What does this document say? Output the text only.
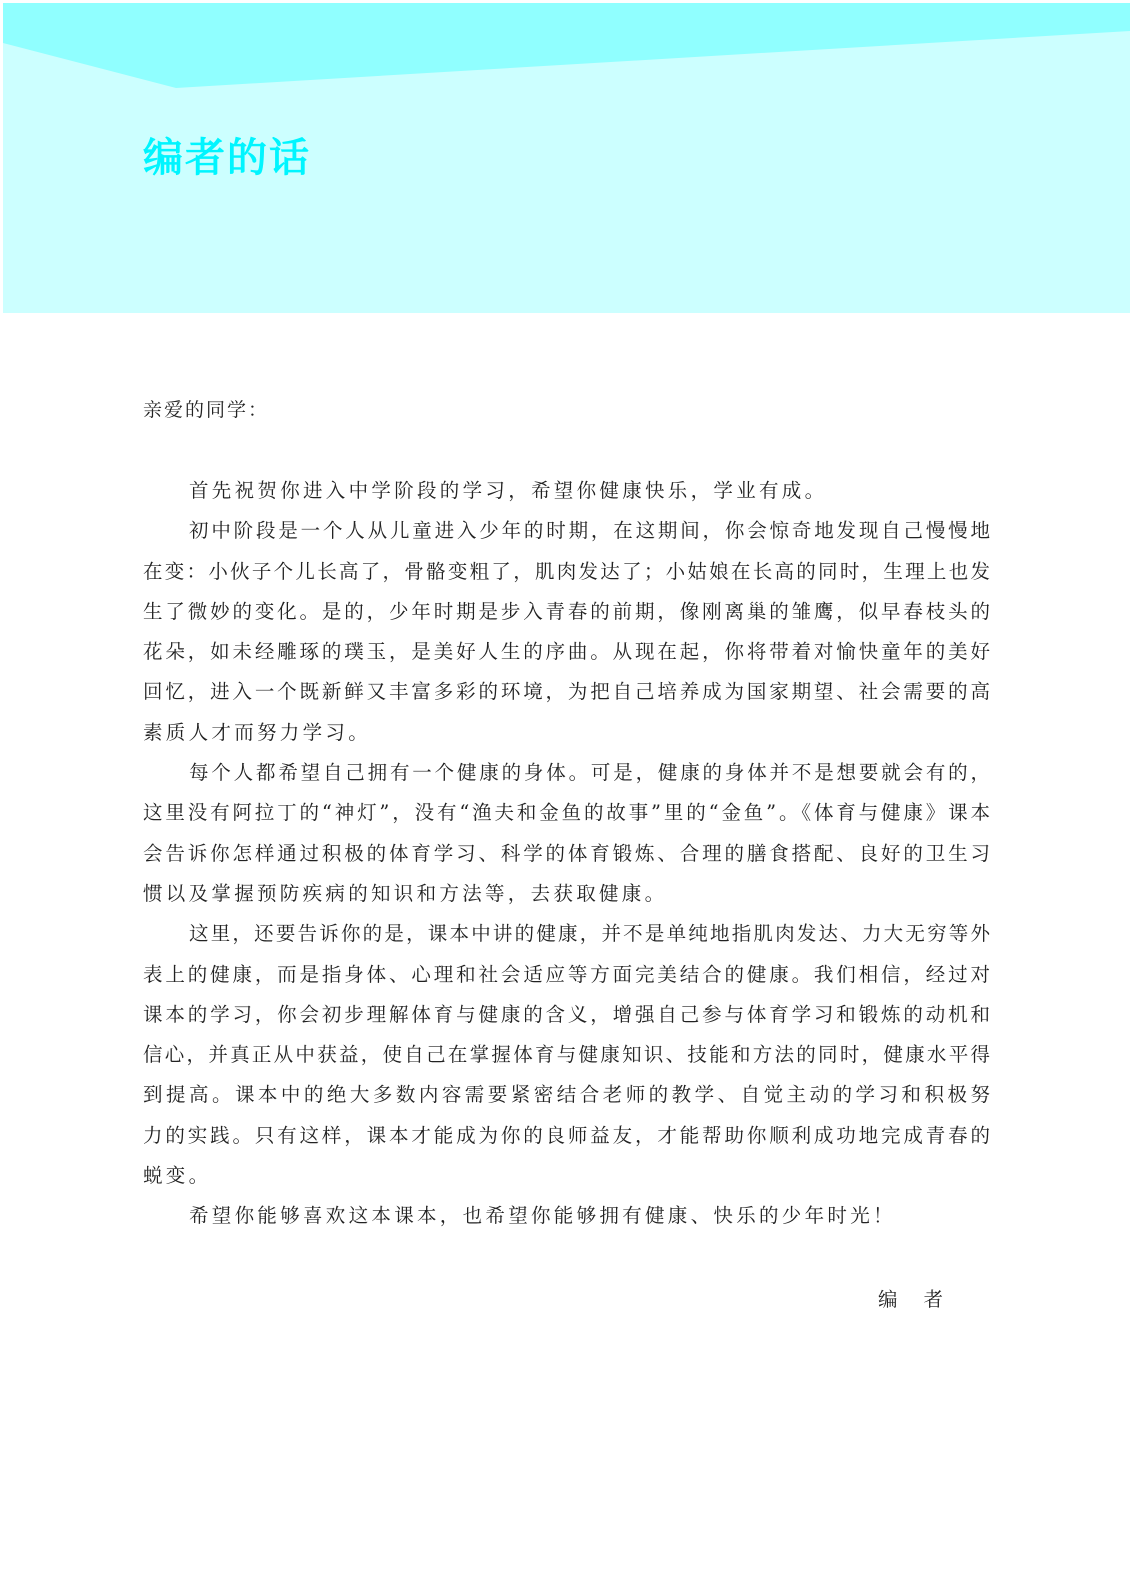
编者的话
亲爱的同学：
首先祝贺你进入中学阶段的学习，希望你健康快乐，学业有成。
初中阶段是一个人从儿童进入少年的时期，在这期间，你会惊奇地发现自己慢慢地
在变：小伙子个儿长高了，骨骼变粗了，肌肉发达了；小姑娘在长高的同时，生理上也发
生了微妙的变化。是的，少年时期是步入青春的前期，像刚离巢的雏鹰，似早春枝头的
花朵，如未经雕琢的璞玉，是美好人生的序曲。从现在起，你将带着对愉快童年的美好
回忆，进入一个既新鲜又丰富多彩的环境，为把自己培养成为国家期望、社会需要的高
素质人才而努力学习。
每个人都希望自己拥有一个健康的身体。可是，健康的身体并不是想要就会有的，
这里没有阿拉丁的“神灯”，没有“渔夫和金鱼的故事”里的“金鱼”。《体育与健康》课本
会告诉你怎样通过积极的体育学习、科学的体育锻炼、合理的膳食搭配、良好的卫生习
惯以及掌握预防疾病的知识和方法等，去获取健康。
这里，还要告诉你的是，课本中讲的健康，并不是单纯地指肌肉发达、力大无穷等外
表上的健康，而是指身体、心理和社会适应等方面完美结合的健康。我们相信，经过对
课本的学习，你会初步理解体育与健康的含义，增强自己参与体育学习和锻炼的动机和
信心，并真正从中获益，使自己在掌握体育与健康知识、技能和方法的同时，健康水平得
到提高。课本中的绝大多数内容需要紧密结合老师的教学、自觉主动的学习和积极努
力的实践。只有这样，课本才能成为你的良师益友，才能帮助你顺利成功地完成青春的
蜕变。
希望你能够喜欢这本课本，也希望你能够拥有健康、快乐的少年时光！
编 者
